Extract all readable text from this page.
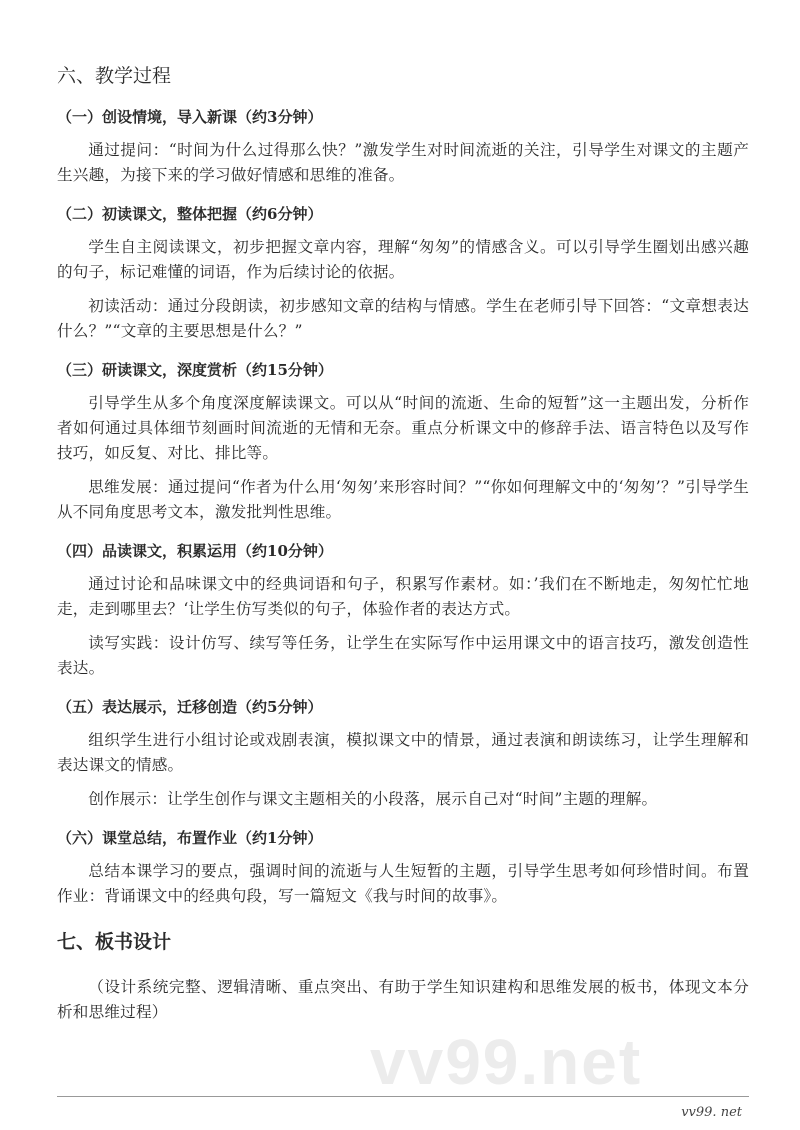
vv99.net
六、教学过程
（一）创设情境，导入新课（约3分钟）
通过提问：“时间为什么过得那么快？”激发学生对时间流逝的关注，引导学生对课文的主题产生兴趣，为接下来的学习做好情感和思维的准备。
（二）初读课文，整体把握（约6分钟）
学生自主阅读课文，初步把握文章内容，理解“匆匆”的情感含义。可以引导学生圈划出感兴趣的句子，标记难懂的词语，作为后续讨论的依据。
初读活动：通过分段朗读，初步感知文章的结构与情感。学生在老师引导下回答：“文章想表达什么？”“文章的主要思想是什么？”
（三）研读课文，深度赏析（约15分钟）
引导学生从多个角度深度解读课文。可以从“时间的流逝、生命的短暂”这一主题出发，分析作者如何通过具体细节刻画时间流逝的无情和无奈。重点分析课文中的修辞手法、语言特色以及写作技巧，如反复、对比、排比等。
思维发展：通过提问“作者为什么用‘匆匆’来形容时间？”“你如何理解文中的‘匆匆’？”引导学生从不同角度思考文本，激发批判性思维。
（四）品读课文，积累运用（约10分钟）
通过讨论和品味课文中的经典词语和句子，积累写作素材。如：’我们在不断地走，匆匆忙忙地走，走到哪里去？‘让学生仿写类似的句子，体验作者的表达方式。
读写实践：设计仿写、续写等任务，让学生在实际写作中运用课文中的语言技巧，激发创造性表达。
（五）表达展示，迁移创造（约5分钟）
组织学生进行小组讨论或戏剧表演，模拟课文中的情景，通过表演和朗读练习，让学生理解和表达课文的情感。
创作展示：让学生创作与课文主题相关的小段落，展示自己对“时间”主题的理解。
（六）课堂总结，布置作业（约1分钟）
总结本课学习的要点，强调时间的流逝与人生短暂的主题，引导学生思考如何珍惜时间。布置作业：背诵课文中的经典句段，写一篇短文《我与时间的故事》。
七、板书设计
（设计系统完整、逻辑清晰、重点突出、有助于学生知识建构和思维发展的板书，体现文本分析和思维过程）
vv99. net
